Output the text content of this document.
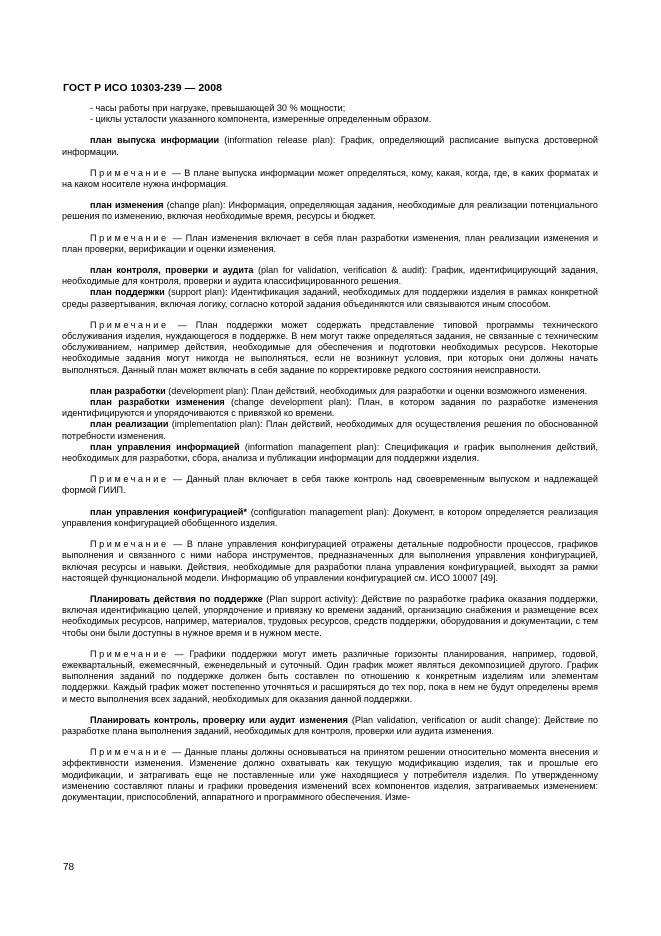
ГОСТ Р ИСО 10303-239 — 2008

- часы работы при нагрузке, превышающей 30 % мощности;

- циклы усталости указанного компонента, измеренные определенным образом.

план выпуска информации (information release plan): График, определяющий расписание выпуска достоверной информации.

Примечание — В плане выпуска информации может определяться, кому, какая, когда, где, в каких форматах и на каком носителе нужна информация.

план изменения (change plan): Информация, определяющая задания, необходимые для реализации потенциального решения по изменению, включая необходимые время, ресурсы и бюджет.

Примечание — План изменения включает в себя план разработки изменения, план реализации изменения и план проверки, верификации и оценки изменения.

план контроля, проверки и аудита (plan for validation, verification & audit): График, идентифицирующий задания, необходимые для контроля, проверки и аудита классифицированного решения.

план поддержки (support plan): Идентификация заданий, необходимых для поддержки изделия в рамках конкретной среды развертывания, включая логику, согласно которой задания объединяются или связываются иным способом.

Примечание — План поддержки может содержать представление типовой программы технического обслуживания изделия, нуждающегося в поддержке. В нем могут также определяться задания, не связанные с техническим обслуживанием, например действия, необходимые для обеспечения и подготовки необходимых ресурсов. Некоторые необходимые задания могут никогда не выполняться, если не возникнут условия, при которых они должны начать выполняться. Данный план может включать в себя задание по корректировке редкого состояния неисправности.

план разработки (development plan): План действий, необходимых для разработки и оценки возможного изменения.

план разработки изменения (change development plan): План, в котором задания по разработке изменения идентифицируются и упорядочиваются с привязкой ко времени.

план реализации (implementation plan): План действий, необходимых для осуществления решения по обоснованной потребности изменения.

план управления информацией (information management plan): Спецификация и график выполнения действий, необходимых для разработки, сбора, анализа и публикации информации для поддержки изделия.

Примечание — Данный план включает в себя также контроль над своевременным выпуском и надлежащей формой ГИИП.

план управления конфигурацией* (configuration management plan): Документ, в котором определяется реализация управления конфигурацией обобщенного изделия.

Примечание — В плане управления конфигурацией отражены детальные подробности процессов, графиков выполнения и связанного с ними набора инструментов, предназначенных для выполнения управления конфигурацией, включая ресурсы и навыки. Действия, необходимые для разработки плана управления конфигурацией, выходят за рамки настоящей функциональной модели. Информацию об управлении конфигурацией см. ИСО 10007 [49].

Планировать действия по поддержке (Plan support activity): Действие по разработке графика оказания поддержки, включая идентификацию целей, упорядочение и привязку ко времени заданий, организацию снабжения и размещение всех необходимых ресурсов, например, материалов, трудовых ресурсов, средств поддержки, оборудования и документации, с тем чтобы они были доступны в нужное время и в нужном месте.

Примечание — Графики поддержки могут иметь различные горизонты планирования, например, годовой, ежеквартальный, ежемесячный, еженедельный и суточный. Один график может являться декомпозицией другого. График выполнения заданий по поддержке должен быть составлен по отношению к конкретным изделиям или элементам поддержки. Каждый график может постепенно уточняться и расширяться до тех пор, пока в нем не будут определены время и место выполнения всех заданий, необходимых для оказания данной поддержки.

Планировать контроль, проверку или аудит изменения (Plan validation, verification or audit change): Действие по разработке плана выполнения заданий, необходимых для контроля, проверки или аудита изменения.

Примечание — Данные планы должны основываться на принятом решении относительно момента внесения и эффективности изменения. Изменение должно охватывать как текущую модификацию изделия, так и прошлые его модификации, и затрагивать еще не поставленные или уже находящиеся у потребителя изделия. По утвержденному изменению составляют планы и графики проведения изменений всех компонентов изделия, затрагиваемых изменением: документации, приспособлений, аппаратного и программного обеспечения. Изме-

78
